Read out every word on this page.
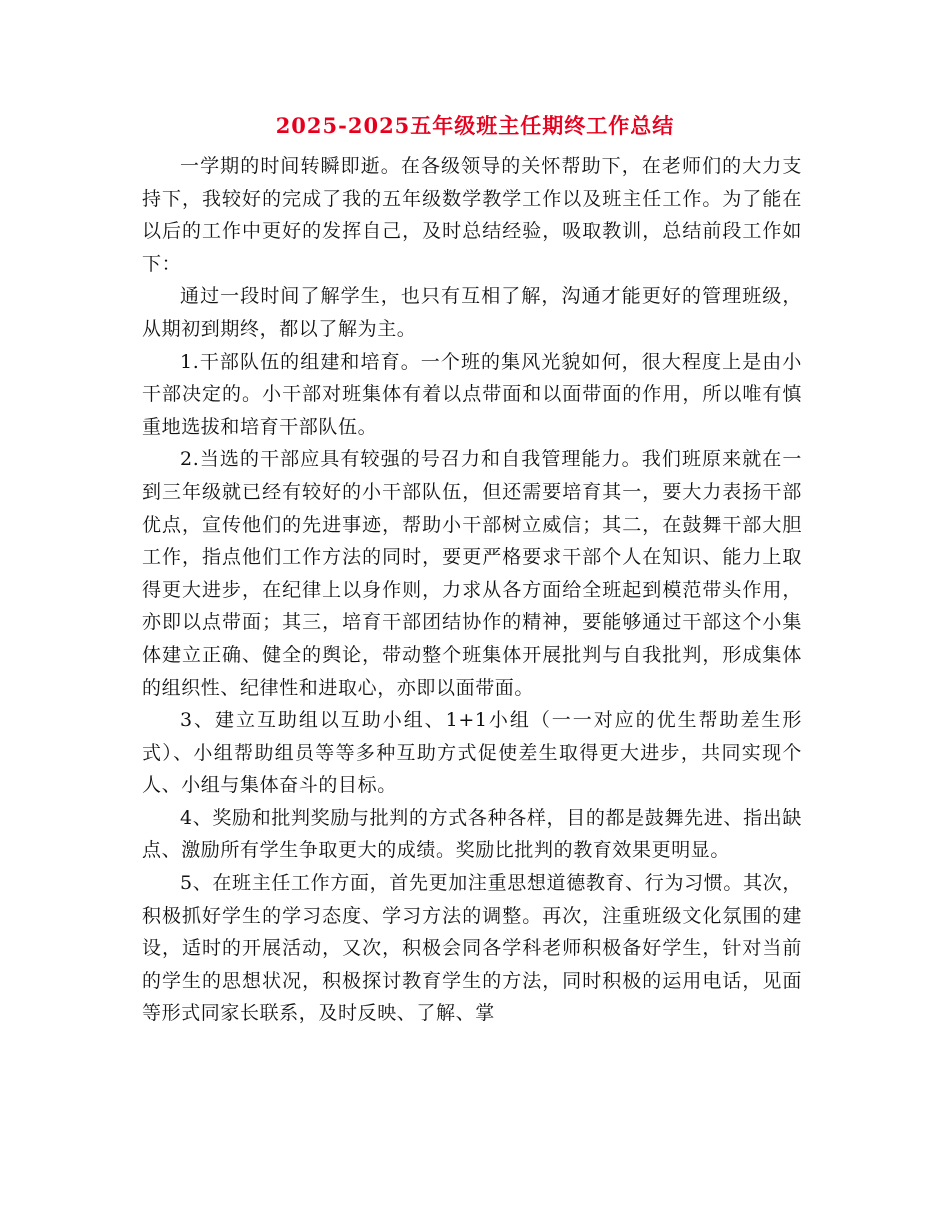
2025-2025五年级班主任期终工作总结

一学期的时间转瞬即逝。在各级领导的关怀帮助下，在老师们的大力支持下，我较好的完成了我的五年级数学教学工作以及班主任工作。为了能在以后的工作中更好的发挥自己，及时总结经验，吸取教训，总结前段工作如下：

通过一段时间了解学生，也只有互相了解，沟通才能更好的管理班级，从期初到期终，都以了解为主。

1.干部队伍的组建和培育。一个班的集风光貌如何，很大程度上是由小干部决定的。小干部对班集体有着以点带面和以面带面的作用，所以唯有慎重地选拔和培育干部队伍。

2.当选的干部应具有较强的号召力和自我管理能力。我们班原来就在一到三年级就已经有较好的小干部队伍，但还需要培育其一，要大力表扬干部优点，宣传他们的先进事迹，帮助小干部树立威信；其二，在鼓舞干部大胆工作，指点他们工作方法的同时，要更严格要求干部个人在知识、能力上取得更大进步，在纪律上以身作则，力求从各方面给全班起到模范带头作用，亦即以点带面；其三，培育干部团结协作的精神，要能够通过干部这个小集体建立正确、健全的舆论，带动整个班集体开展批判与自我批判，形成集体的组织性、纪律性和进取心，亦即以面带面。

3、建立互助组以互助小组、1+1小组（一一对应的优生帮助差生形式）、小组帮助组员等等多种互助方式促使差生取得更大进步，共同实现个人、小组与集体奋斗的目标。

4、奖励和批判奖励与批判的方式各种各样，目的都是鼓舞先进、指出缺点、激励所有学生争取更大的成绩。奖励比批判的教育效果更明显。

5、在班主任工作方面，首先更加注重思想道德教育、行为习惯。其次，积极抓好学生的学习态度、学习方法的调整。再次，注重班级文化氛围的建设，适时的开展活动，又次，积极会同各学科老师积极备好学生，针对当前的学生的思想状况，积极探讨教育学生的方法，同时积极的运用电话，见面等形式同家长联系，及时反映、了解、掌
